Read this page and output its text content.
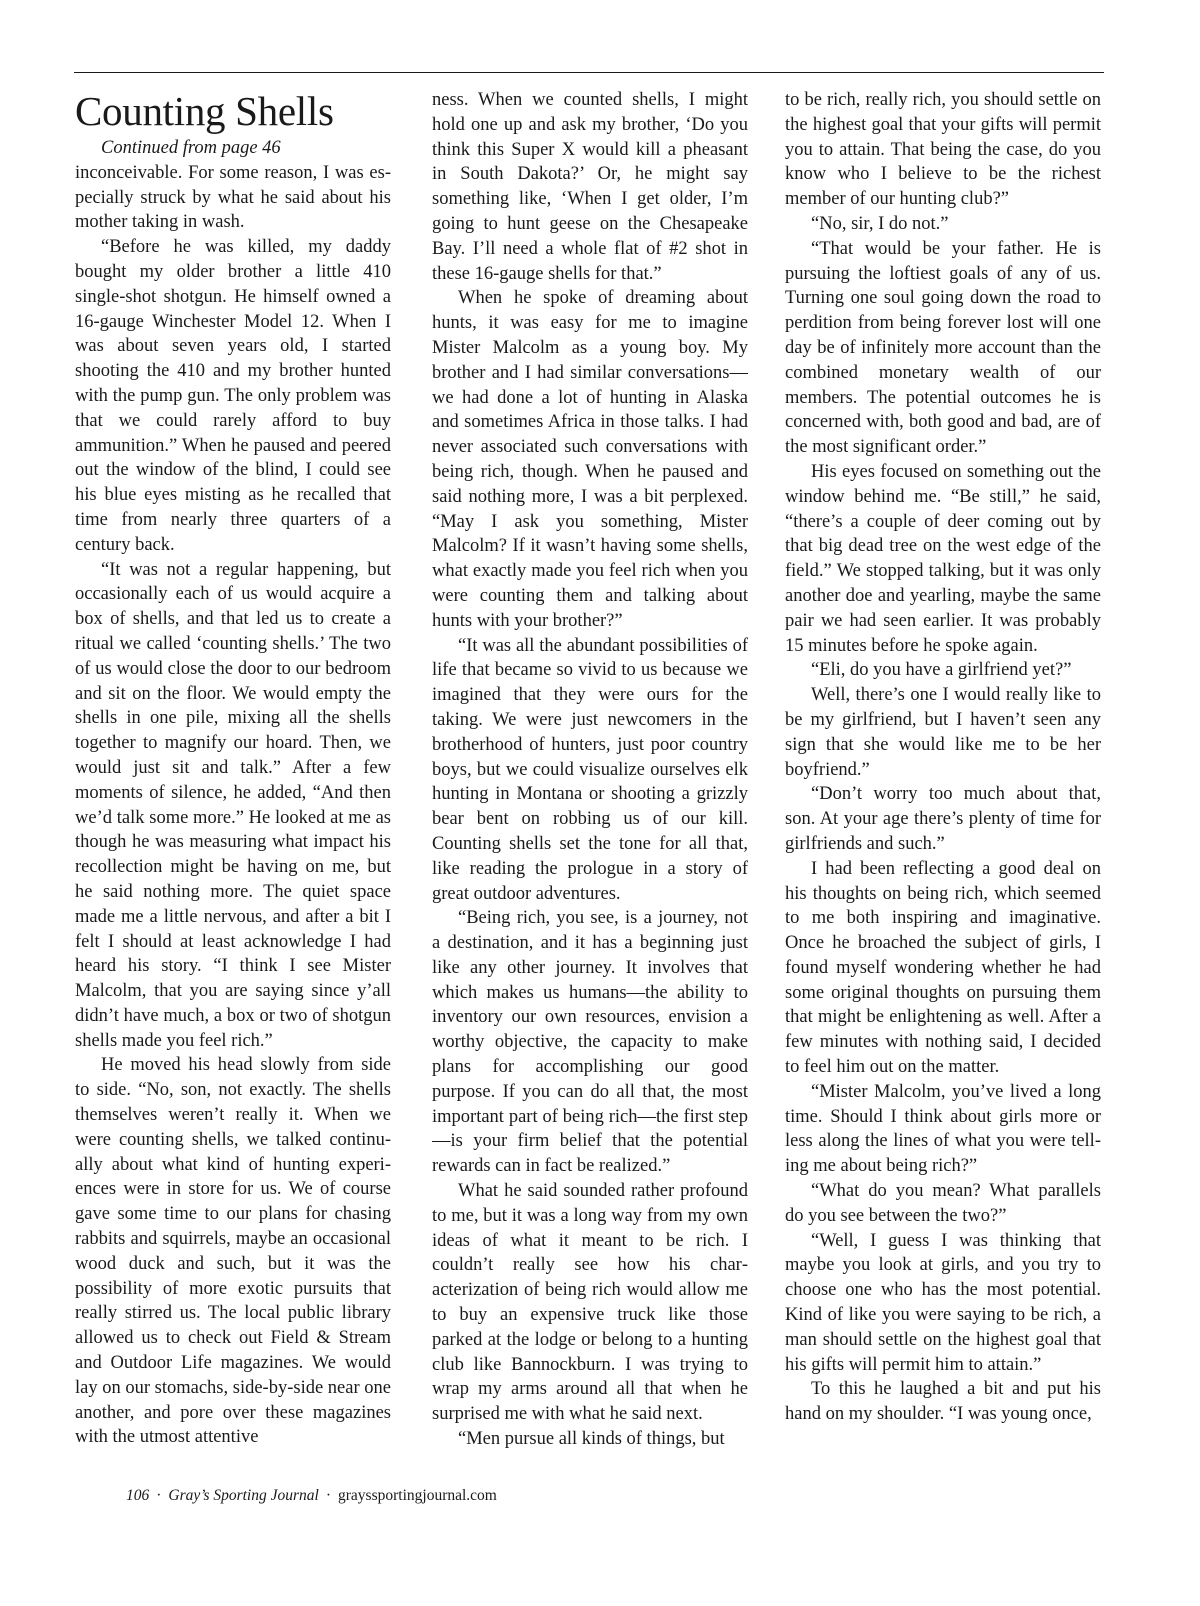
Counting Shells

Continued from page 46

inconceivable. For some reason, I was especially struck by what he said about his mother taking in wash.

“Before he was killed, my daddy bought my older brother a little 410 single-shot shotgun. He himself owned a 16-gauge Winchester Model 12. When I was about seven years old, I started shooting the 410 and my brother hunted with the pump gun. The only problem was that we could rarely afford to buy ammunition.” When he paused and peered out the window of the blind, I could see his blue eyes misting as he recalled that time from nearly three quarters of a century back.

“It was not a regular happening, but occasionally each of us would acquire a box of shells, and that led us to create a ritual we called ‘counting shells.’ The two of us would close the door to our bedroom and sit on the floor. We would empty the shells in one pile, mixing all the shells together to magnify our hoard. Then, we would just sit and talk.” After a few moments of silence, he added, “And then we’d talk some more.” He looked at me as though he was measuring what impact his recollection might be having on me, but he said nothing more. The quiet space made me a little nervous, and after a bit I felt I should at least acknowledge I had heard his story. “I think I see Mister Malcolm, that you are saying since y’all didn’t have much, a box or two of shotgun shells made you feel rich.”

He moved his head slowly from side to side. “No, son, not exactly. The shells themselves weren’t really it. When we were counting shells, we talked continually about what kind of hunting experiences were in store for us. We of course gave some time to our plans for chasing rabbits and squirrels, maybe an occasional wood duck and such, but it was the possibility of more exotic pursuits that really stirred us. The local public library allowed us to check out Field & Stream and Outdoor Life magazines. We would lay on our stomachs, side-by-side near one another, and pore over these magazines with the utmost attentive

ness. When we counted shells, I might hold one up and ask my brother, ‘Do you think this Super X would kill a pheasant in South Dakota?’ Or, he might say something like, ‘When I get older, I’m going to hunt geese on the Chesapeake Bay. I’ll need a whole flat of #2 shot in these 16-gauge shells for that.”

When he spoke of dreaming about hunts, it was easy for me to imagine Mister Malcolm as a young boy. My brother and I had similar conversations—we had done a lot of hunting in Alaska and sometimes Africa in those talks. I had never associated such conversations with being rich, though. When he paused and said nothing more, I was a bit perplexed. “May I ask you something, Mister Malcolm? If it wasn’t having some shells, what exactly made you feel rich when you were counting them and talking about hunts with your brother?”

“It was all the abundant possibilities of life that became so vivid to us because we imagined that they were ours for the taking. We were just newcomers in the brotherhood of hunters, just poor country boys, but we could visualize ourselves elk hunting in Montana or shooting a grizzly bear bent on robbing us of our kill. Counting shells set the tone for all that, like reading the prologue in a story of great outdoor adventures.

“Being rich, you see, is a journey, not a destination, and it has a beginning just like any other journey. It involves that which makes us humans—the ability to inventory our own resources, envision a worthy objective, the capacity to make plans for accomplishing our good purpose. If you can do all that, the most important part of being rich—the first step—is your firm belief that the potential rewards can in fact be realized.”

What he said sounded rather profound to me, but it was a long way from my own ideas of what it meant to be rich. I couldn’t really see how his characterization of being rich would allow me to buy an expensive truck like those parked at the lodge or belong to a hunting club like Bannockburn. I was trying to wrap my arms around all that when he surprised me with what he said next.

“Men pursue all kinds of things, but

to be rich, really rich, you should settle on the highest goal that your gifts will permit you to attain. That being the case, do you know who I believe to be the richest member of our hunting club?”

“No, sir, I do not.”

“That would be your father. He is pursuing the loftiest goals of any of us. Turning one soul going down the road to perdition from being forever lost will one day be of infinitely more account than the combined monetary wealth of our members. The potential outcomes he is concerned with, both good and bad, are of the most significant order.”

His eyes focused on something out the window behind me. “Be still,” he said, “there’s a couple of deer coming out by that big dead tree on the west edge of the field.” We stopped talking, but it was only another doe and yearling, maybe the same pair we had seen earlier. It was probably 15 minutes before he spoke again.

“Eli, do you have a girlfriend yet?”

Well, there’s one I would really like to be my girlfriend, but I haven’t seen any sign that she would like me to be her boyfriend.”

“Don’t worry too much about that, son. At your age there’s plenty of time for girlfriends and such.”

I had been reflecting a good deal on his thoughts on being rich, which seemed to me both inspiring and imaginative. Once he broached the subject of girls, I found myself wondering whether he had some original thoughts on pursuing them that might be enlightening as well. After a few minutes with nothing said, I decided to feel him out on the matter.

“Mister Malcolm, you’ve lived a long time. Should I think about girls more or less along the lines of what you were telling me about being rich?”

“What do you mean? What parallels do you see between the two?”

“Well, I guess I was thinking that maybe you look at girls, and you try to choose one who has the most potential. Kind of like you were saying to be rich, a man should settle on the highest goal that his gifts will permit him to attain.”

To this he laughed a bit and put his hand on my shoulder. “I was young once,

106 · Gray’s Sporting Journal · grayssportingjournal.com
